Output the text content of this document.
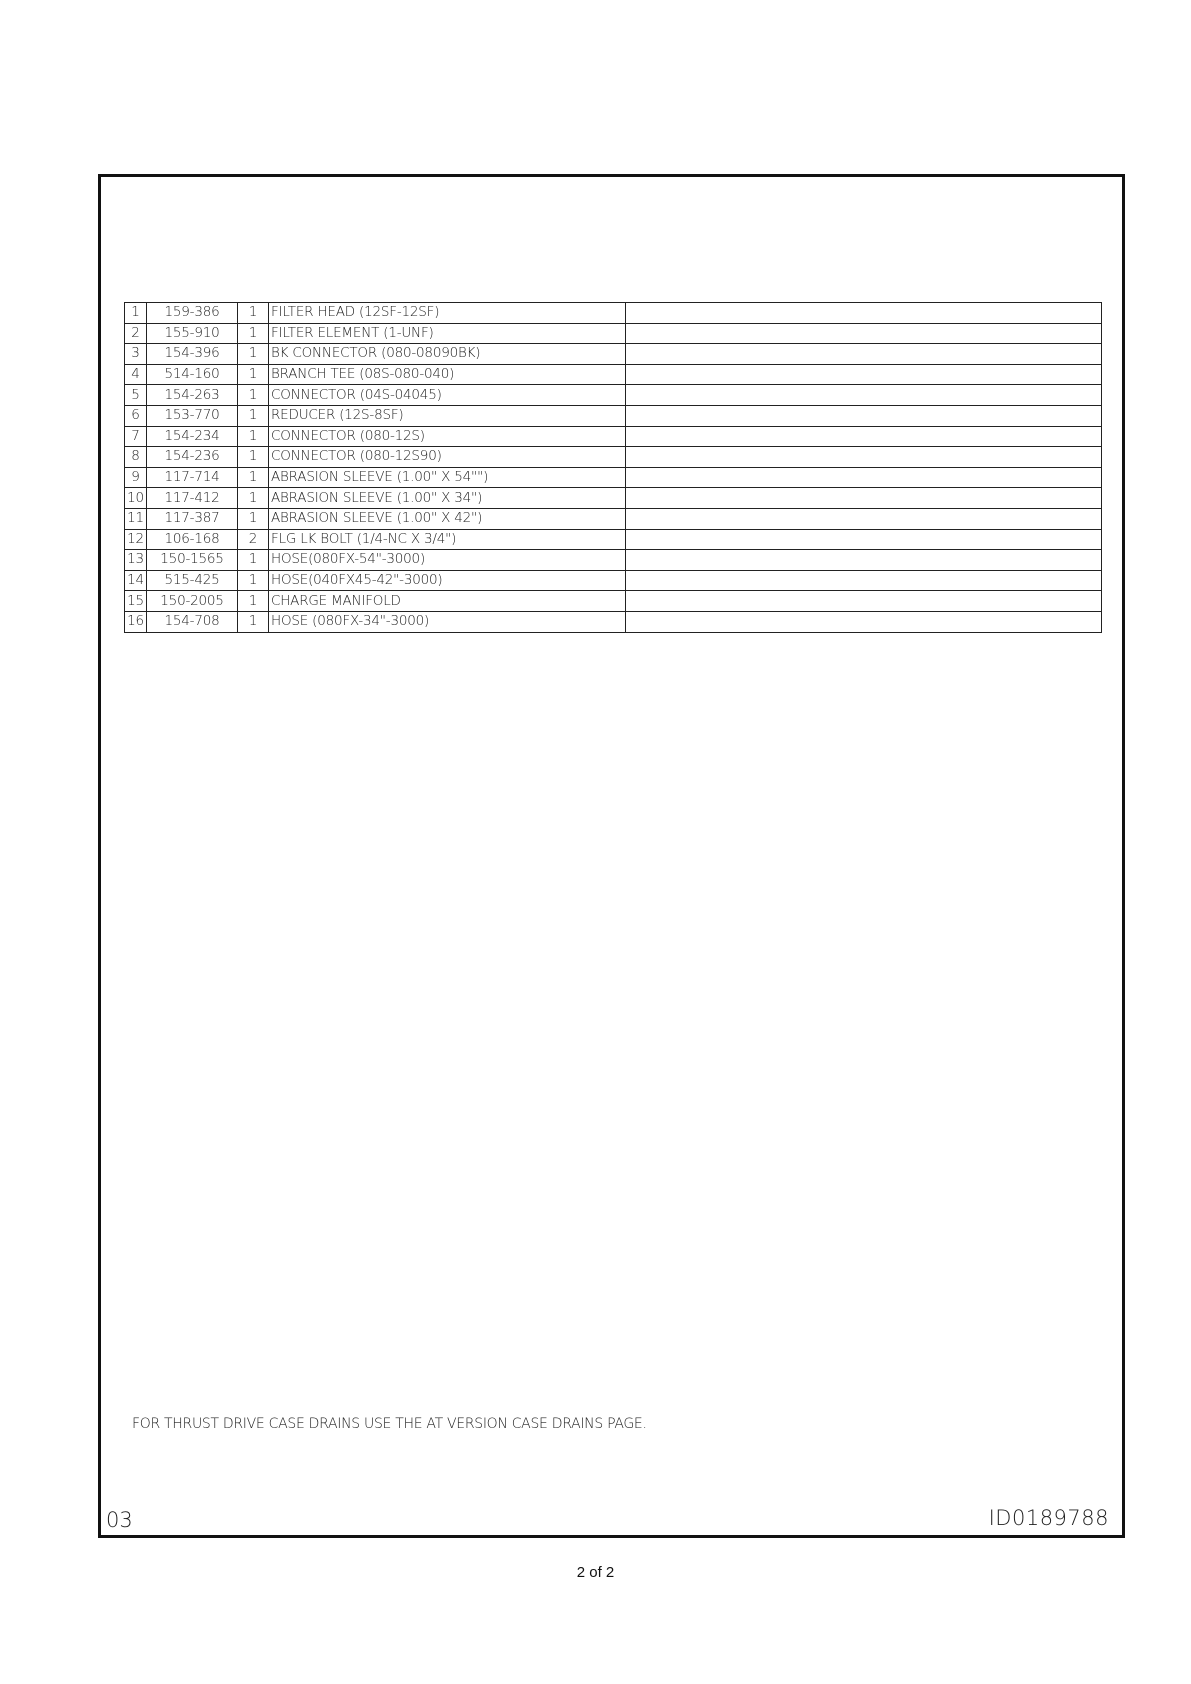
1	159-386	1	FILTER HEAD (12SF-12SF)	
2	155-910	1	FILTER ELEMENT (1-UNF)	
3	154-396	1	BK CONNECTOR (080-08090BK)	
4	514-160	1	BRANCH TEE (08S-080-040)	
5	154-263	1	CONNECTOR (04S-04045)	
6	153-770	1	REDUCER (12S-8SF)	
7	154-234	1	CONNECTOR (080-12S)	
8	154-236	1	CONNECTOR (080-12S90)	
9	117-714	1	ABRASION SLEEVE (1.00" X 54"")	
10	117-412	1	ABRASION SLEEVE (1.00" X 34")	
11	117-387	1	ABRASION SLEEVE (1.00" X 42")	
12	106-168	2	FLG LK BOLT (1/4-NC X 3/4")	
13	150-1565	1	HOSE(080FX-54"-3000)	
14	515-425	1	HOSE(040FX45-42"-3000)	
15	150-2005	1	CHARGE MANIFOLD	
16	154-708	1	HOSE (080FX-34"-3000)	
FOR THRUST DRIVE CASE DRAINS USE THE AT VERSION CASE DRAINS PAGE.
03	ID0189788
2 of 2
